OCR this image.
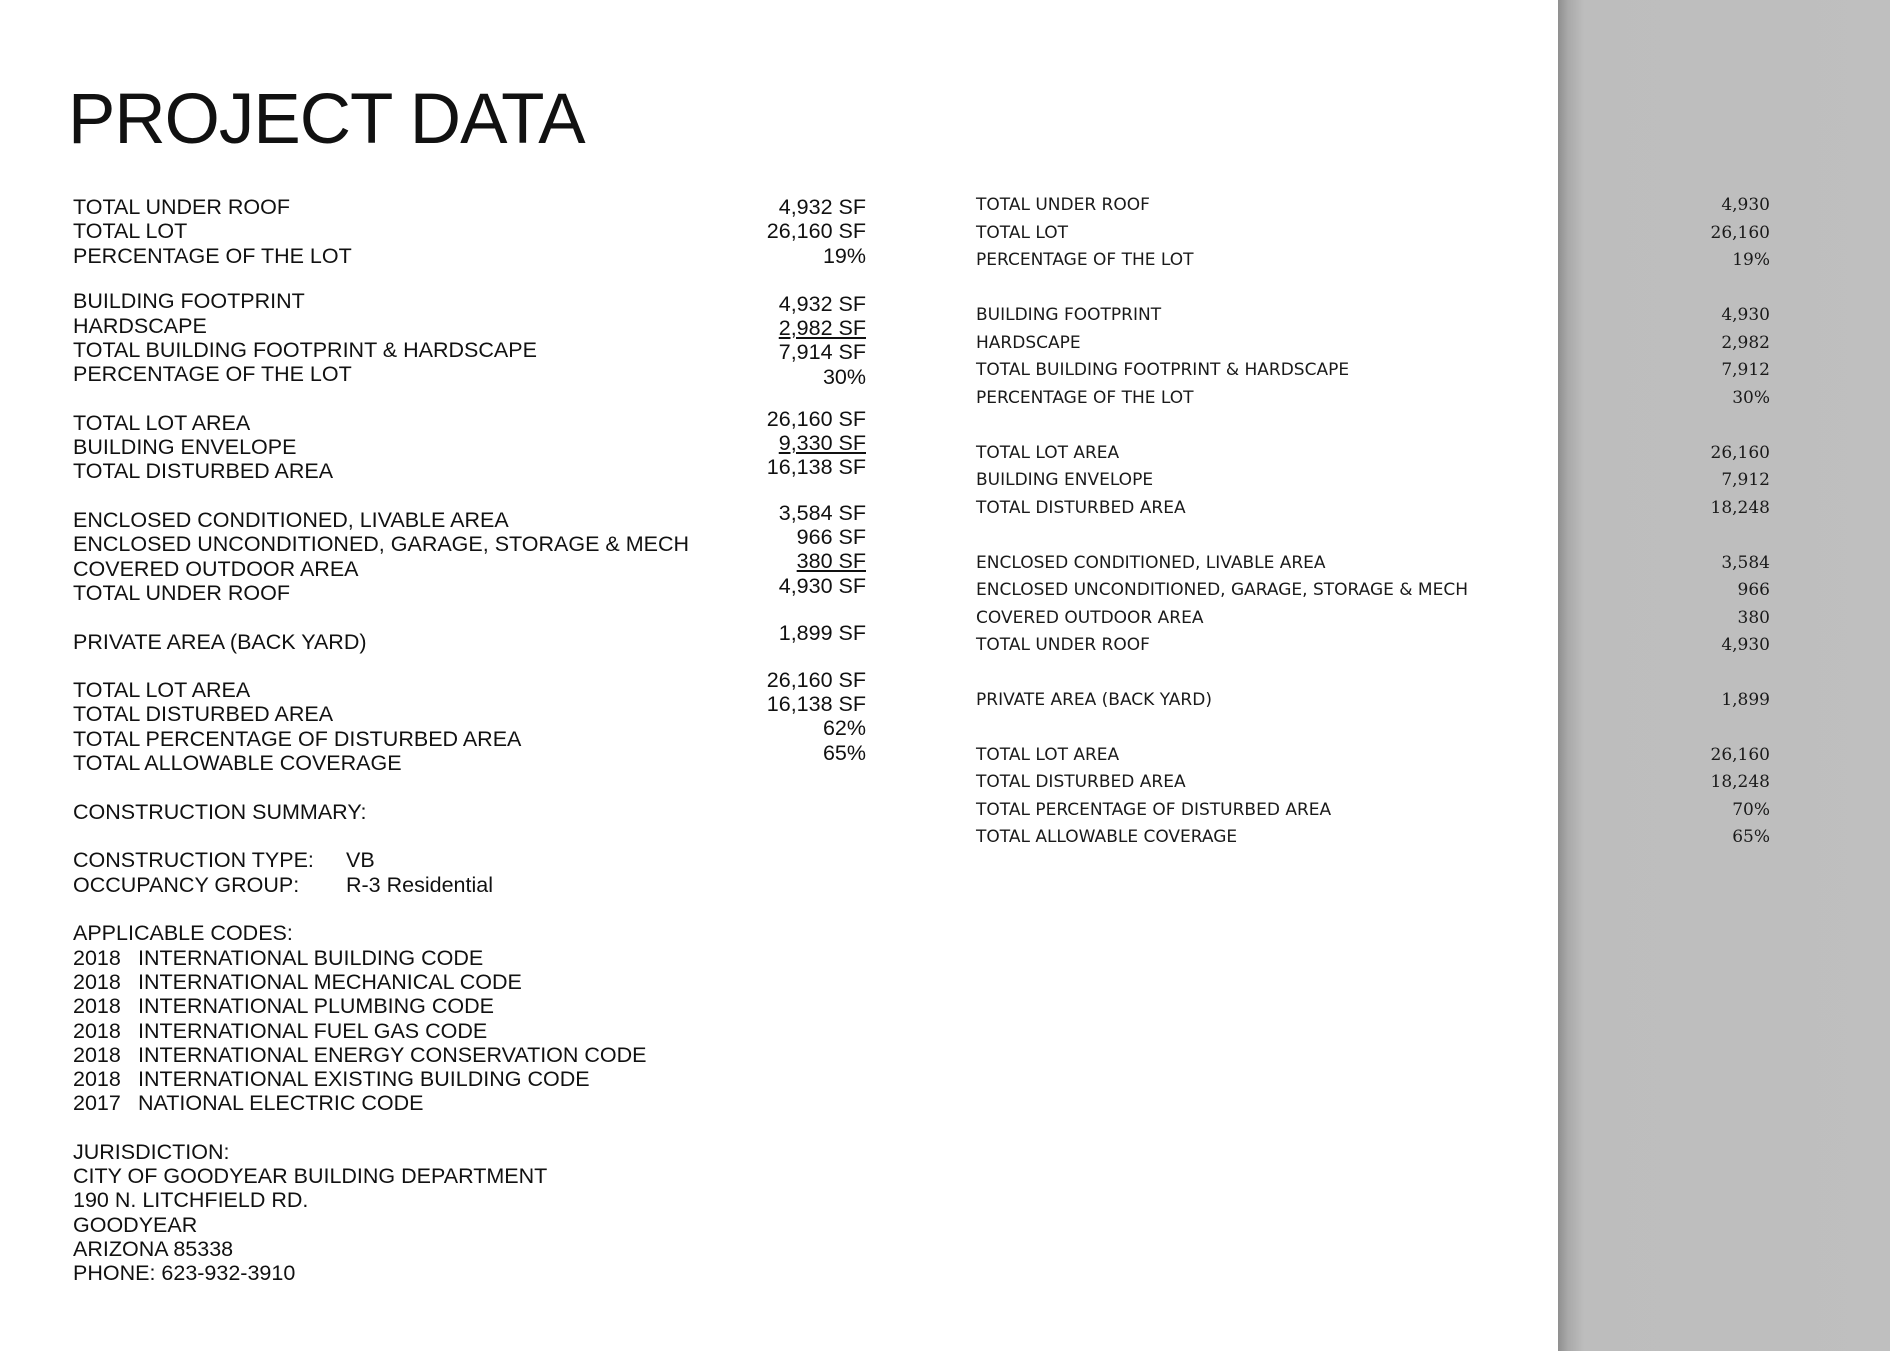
PROJECT DATA
TOTAL UNDER ROOF
TOTAL LOT
PERCENTAGE OF THE LOT
BUILDING FOOTPRINT
HARDSCAPE
TOTAL BUILDING FOOTPRINT & HARDSCAPE
PERCENTAGE OF THE LOT
TOTAL LOT AREA
BUILDING ENVELOPE
TOTAL DISTURBED AREA
ENCLOSED CONDITIONED, LIVABLE AREA
ENCLOSED UNCONDITIONED, GARAGE, STORAGE & MECH
COVERED OUTDOOR AREA
TOTAL UNDER ROOF
PRIVATE AREA (BACK YARD)
TOTAL LOT AREA
TOTAL DISTURBED AREA
TOTAL PERCENTAGE OF DISTURBED AREA
TOTAL ALLOWABLE COVERAGE
4,932 SF
26,160 SF
19%
4,932 SF
2,982 SF
7,914 SF
30%
26,160 SF
9,330 SF
16,138 SF
3,584 SF
966 SF
380 SF
4,930 SF
1,899 SF
26,160 SF
16,138 SF
62%
65%
CONSTRUCTION SUMMARY:
CONSTRUCTION TYPE: VB
OCCUPANCY GROUP: R-3 Residential
APPLICABLE CODES:
2018 INTERNATIONAL BUILDING CODE
2018 INTERNATIONAL MECHANICAL CODE
2018 INTERNATIONAL PLUMBING CODE
2018 INTERNATIONAL FUEL GAS CODE
2018 INTERNATIONAL ENERGY CONSERVATION CODE
2018 INTERNATIONAL EXISTING BUILDING CODE
2017 NATIONAL ELECTRIC CODE
JURISDICTION:
CITY OF GOODYEAR BUILDING DEPARTMENT
190 N. LITCHFIELD RD.
GOODYEAR
ARIZONA 85338
PHONE: 623-932-3910
TOTAL UNDER ROOF
TOTAL LOT
PERCENTAGE OF THE LOT
BUILDING FOOTPRINT
HARDSCAPE
TOTAL BUILDING FOOTPRINT & HARDSCAPE
PERCENTAGE OF THE LOT
TOTAL LOT AREA
BUILDING ENVELOPE
TOTAL DISTURBED AREA
ENCLOSED CONDITIONED, LIVABLE AREA
ENCLOSED UNCONDITIONED, GARAGE, STORAGE & MECH
COVERED OUTDOOR AREA
TOTAL UNDER ROOF
PRIVATE AREA (BACK YARD)
TOTAL LOT AREA
TOTAL DISTURBED AREA
TOTAL PERCENTAGE OF DISTURBED AREA
TOTAL ALLOWABLE COVERAGE
4,930
26,160
19%
4,930
2,982
7,912
30%
26,160
7,912
18,248
3,584
966
380
4,930
1,899
26,160
18,248
70%
65%
